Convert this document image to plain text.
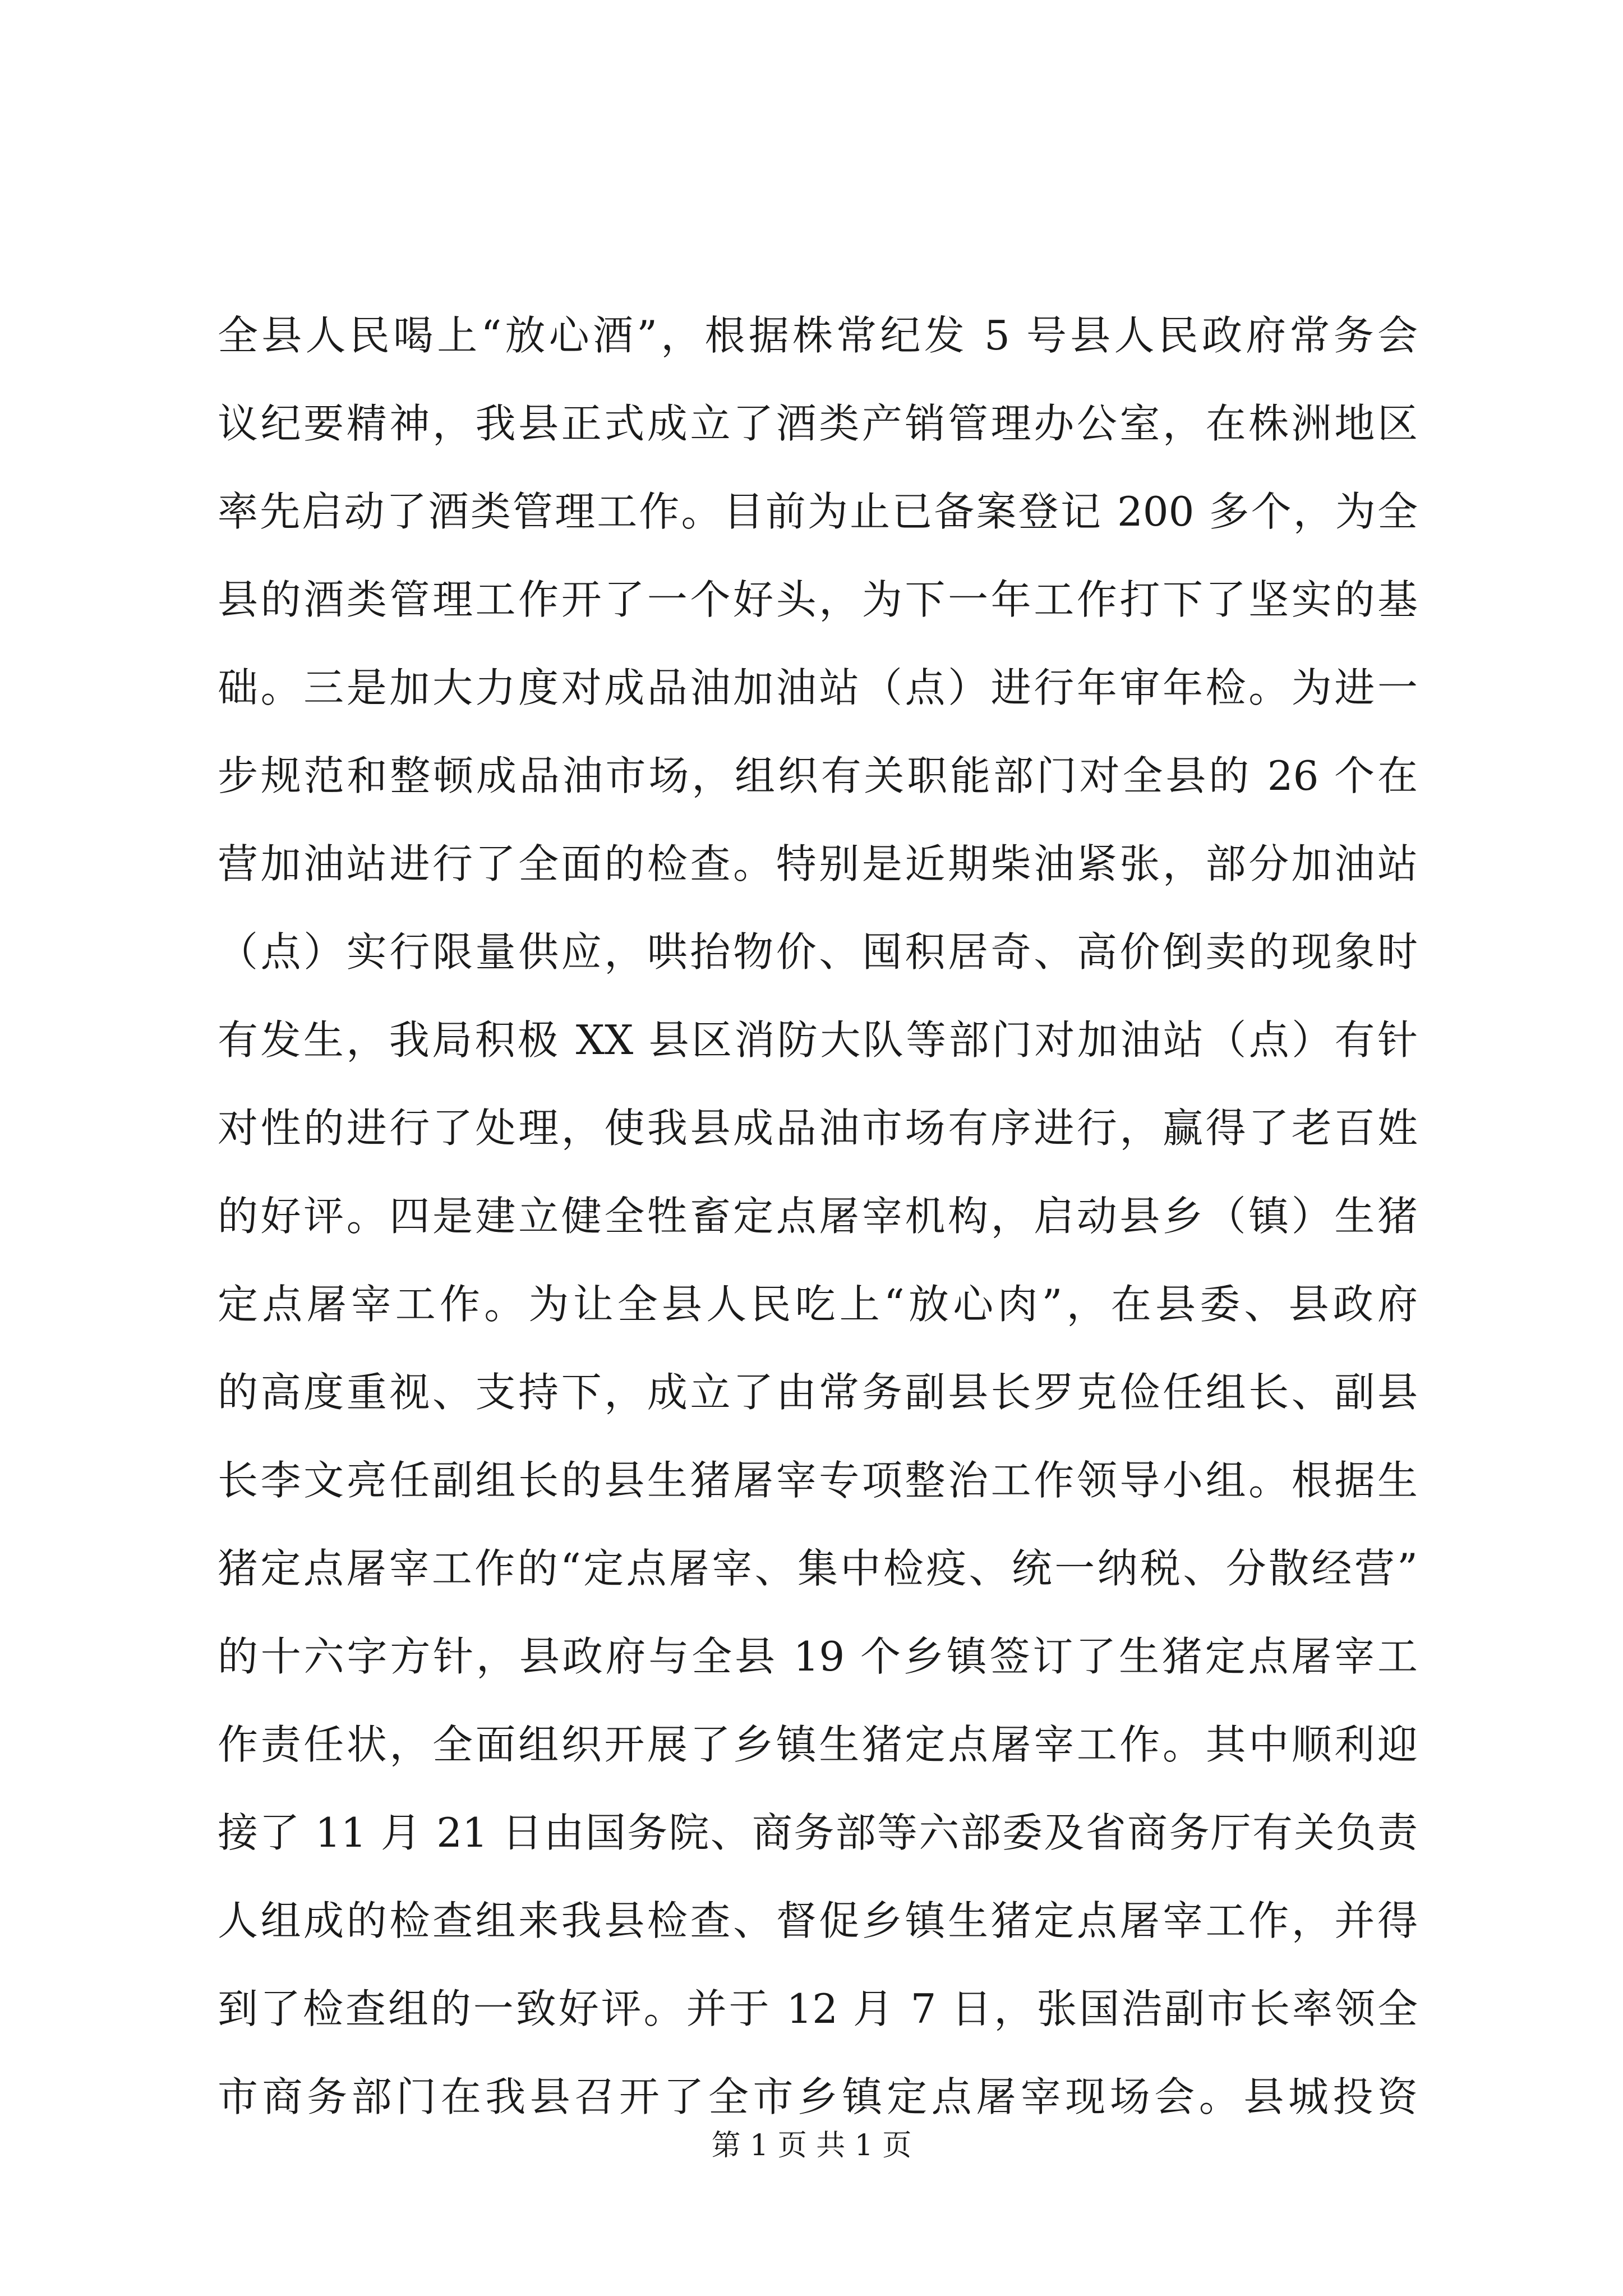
全县人民喝上“放心酒”，根据株常纪发 5 号县人民政府常务会
议纪要精神，我县正式成立了酒类产销管理办公室，在株洲地区
率先启动了酒类管理工作。目前为止已备案登记 200 多个，为全
县的酒类管理工作开了一个好头，为下一年工作打下了坚实的基
础。三是加大力度对成品油加油站（点）进行年审年检。为进一
步规范和整顿成品油市场，组织有关职能部门对全县的 26 个在
营加油站进行了全面的检查。特别是近期柴油紧张，部分加油站
（点）实行限量供应，哄抬物价、囤积居奇、高价倒卖的现象时
有发生，我局积极 XX 县区消防大队等部门对加油站（点）有针
对性的进行了处理，使我县成品油市场有序进行，赢得了老百姓
的好评。四是建立健全牲畜定点屠宰机构，启动县乡（镇）生猪
定点屠宰工作。为让全县人民吃上“放心肉”，在县委、县政府
的高度重视、支持下，成立了由常务副县长罗克俭任组长、副县
长李文亮任副组长的县生猪屠宰专项整治工作领导小组。根据生
猪定点屠宰工作的“定点屠宰、集中检疫、统一纳税、分散经营”
的十六字方针，县政府与全县 19 个乡镇签订了生猪定点屠宰工
作责任状，全面组织开展了乡镇生猪定点屠宰工作。其中顺利迎
接了 11 月 21 日由国务院、商务部等六部委及省商务厅有关负责
人组成的检查组来我县检查、督促乡镇生猪定点屠宰工作，并得
到了检查组的一致好评。并于 12 月 7 日，张国浩副市长率领全
市商务部门在我县召开了全市乡镇定点屠宰现场会。县城投资
第 1 页 共 1 页
